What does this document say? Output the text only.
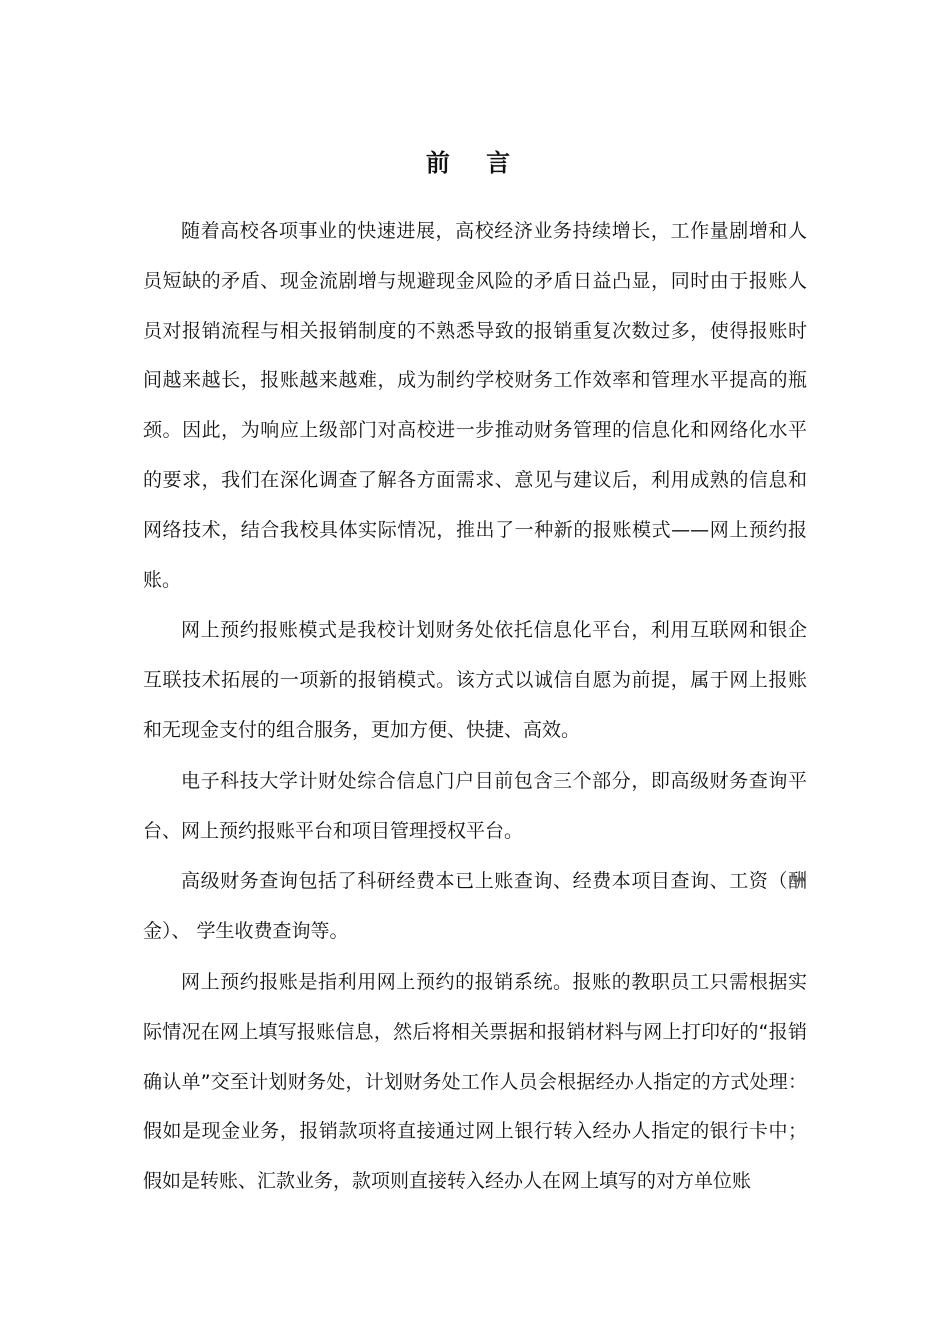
前 言

随着高校各项事业的快速进展，高校经济业务持续增长，工作量剧增和人员短缺的矛盾、现金流剧增与规避现金风险的矛盾日益凸显，同时由于报账人员对报销流程与相关报销制度的不熟悉导致的报销重复次数过多，使得报账时间越来越长，报账越来越难，成为制约学校财务工作效率和管理水平提高的瓶颈。因此，为响应上级部门对高校进一步推动财务管理的信息化和网络化水平的要求，我们在深化调查了解各方面需求、意见与建议后，利用成熟的信息和网络技术，结合我校具体实际情况，推出了一种新的报账模式——网上预约报账。

网上预约报账模式是我校计划财务处依托信息化平台，利用互联网和银企互联技术拓展的一项新的报销模式。该方式以诚信自愿为前提，属于网上报账和无现金支付的组合服务，更加方便、快捷、高效。

电子科技大学计财处综合信息门户目前包含三个部分，即高级财务查询平台、网上预约报账平台和项目管理授权平台。

高级财务查询包括了科研经费本已上账查询、经费本项目查询、工资（酬金）、 学生收费查询等。

网上预约报账是指利用网上预约的报销系统。报账的教职员工只需根据实际情况在网上填写报账信息，然后将相关票据和报销材料与网上打印好的“报销确认单”交至计划财务处，计划财务处工作人员会根据经办人指定的方式处理：假如是现金业务，报销款项将直接通过网上银行转入经办人指定的银行卡中；假如是转账、汇款业务，款项则直接转入经办人在网上填写的对方单位账
